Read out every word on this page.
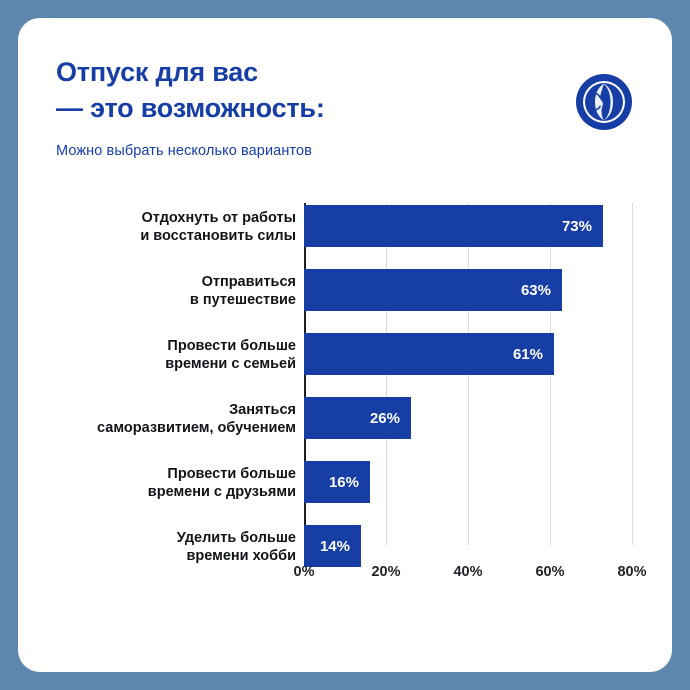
Отпуск для вас
— это возможность:
Можно выбрать несколько вариантов
Отдохнуть от работы
и восстановить силы
Отправиться
в путешествие
Провести больше
времени с семьей
Заняться
саморазвитием, обучением
Провести больше
времени с друзьями
Уделить больше
времени хобби
73%
63%
61%
26%
16%
14%
0%	20%	40%	60%	80%
